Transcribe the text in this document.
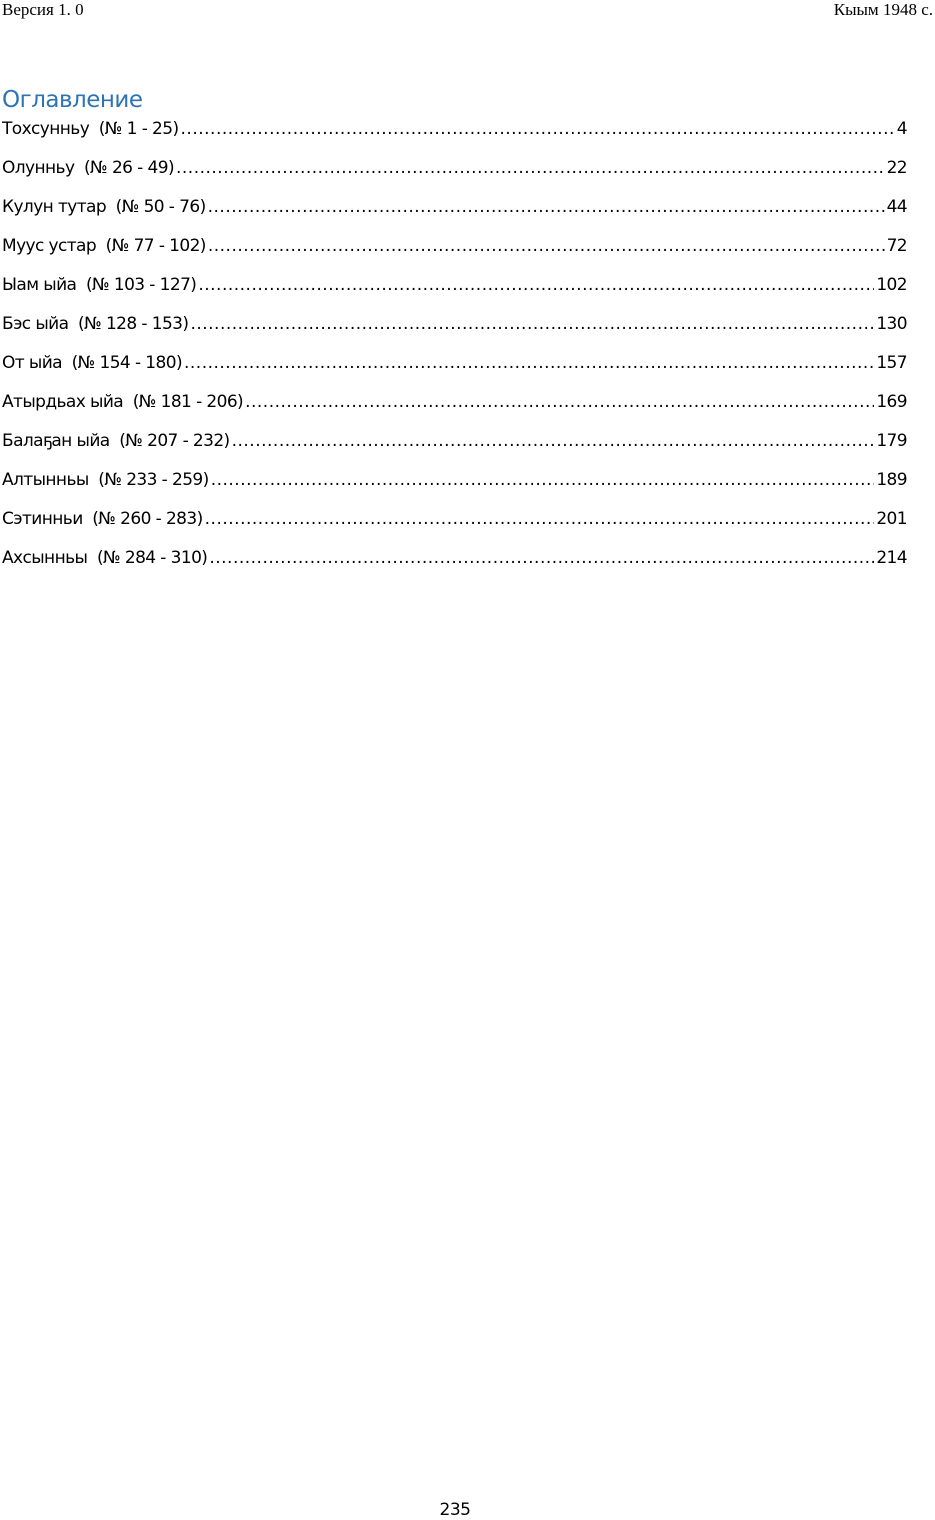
Версия 1. 0	Кыым 1948 с.
Оглавление
Тохсунньу  (№ 1 - 25) .....	4
Олунньу  (№ 26 - 49) .....	22
Кулун тутар  (№ 50 - 76) .....	44
Муус устар  (№ 77 - 102) .....	72
Ыам ыйа  (№ 103 - 127) .....	102
Бэс ыйа  (№ 128 - 153) .....	130
От ыйа  (№ 154 - 180) .....	157
Атырдьах ыйа  (№ 181 - 206) .....	169
Балаҕан ыйа  (№ 207 - 232) .....	179
Алтынньы  (№ 233 - 259) .....	189
Сэтинньи  (№ 260 - 283) .....	201
Ахсынньы  (№ 284 - 310) .....	214
235
